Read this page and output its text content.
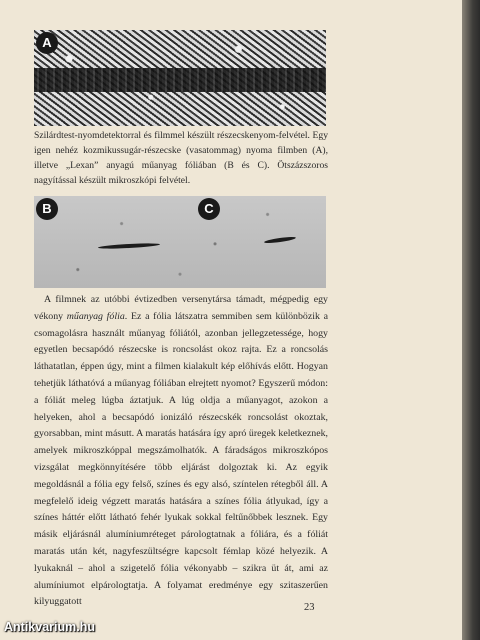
A

Szilárdtest-nyomdetektorral és filmmel készült részecskenyom-felvétel. Egy igen nehéz kozmikussugár-részecske (vasatommag) nyoma filmben (A), illetve „Lexan” anyagú műanyag fóliában (B és C). Ötszázszoros nagyítással készült mikroszkópi felvétel.

B	C

A filmnek az utóbbi évtizedben versenytársa támadt, mégpedig egy vékony műanyag fólia. Ez a fólia látszatra semmiben sem különbözik a csomagolásra használt műanyag fóliától, azonban jellegzetessége, hogy egyetlen becsapódó részecske is roncsolást okoz rajta. Ez a roncsolás láthatatlan, éppen úgy, mint a filmen kialakult kép előhívás előtt. Hogyan tehetjük láthatóvá a műanyag fóliában elrejtett nyomot? Egyszerű módon: a fóliát meleg lúgba áztatjuk. A lúg oldja a műanyagot, azokon a helyeken, ahol a becsapódó ionizáló részecskék roncsolást okoztak, gyorsabban, mint másutt. A maratás hatására így apró üregek keletkeznek, amelyek mikroszkóppal megszámolhatók. A fáradságos mikroszkópos vizsgálat megkönnyítésére több eljárást dolgoztak ki. Az egyik megoldásnál a fólia egy felső, színes és egy alsó, színtelen rétegből áll. A megfelelő ideig végzett maratás hatására a színes fólia átlyukad, így a színes háttér előtt látható fehér lyukak sokkal feltűnőbbek lesznek. Egy másik eljárásnál alumíniumréteget párologtatnak a fóliára, és a fóliát maratás után két, nagyfeszültségre kapcsolt fémlap közé helyezik. A lyukaknál – ahol a szigetelő fólia vékonyabb – szikra üt át, ami az alumíniumot elpárologtatja. A folyamat eredménye egy szitaszerűen kilyuggatott

23
Antikvarium.hu
